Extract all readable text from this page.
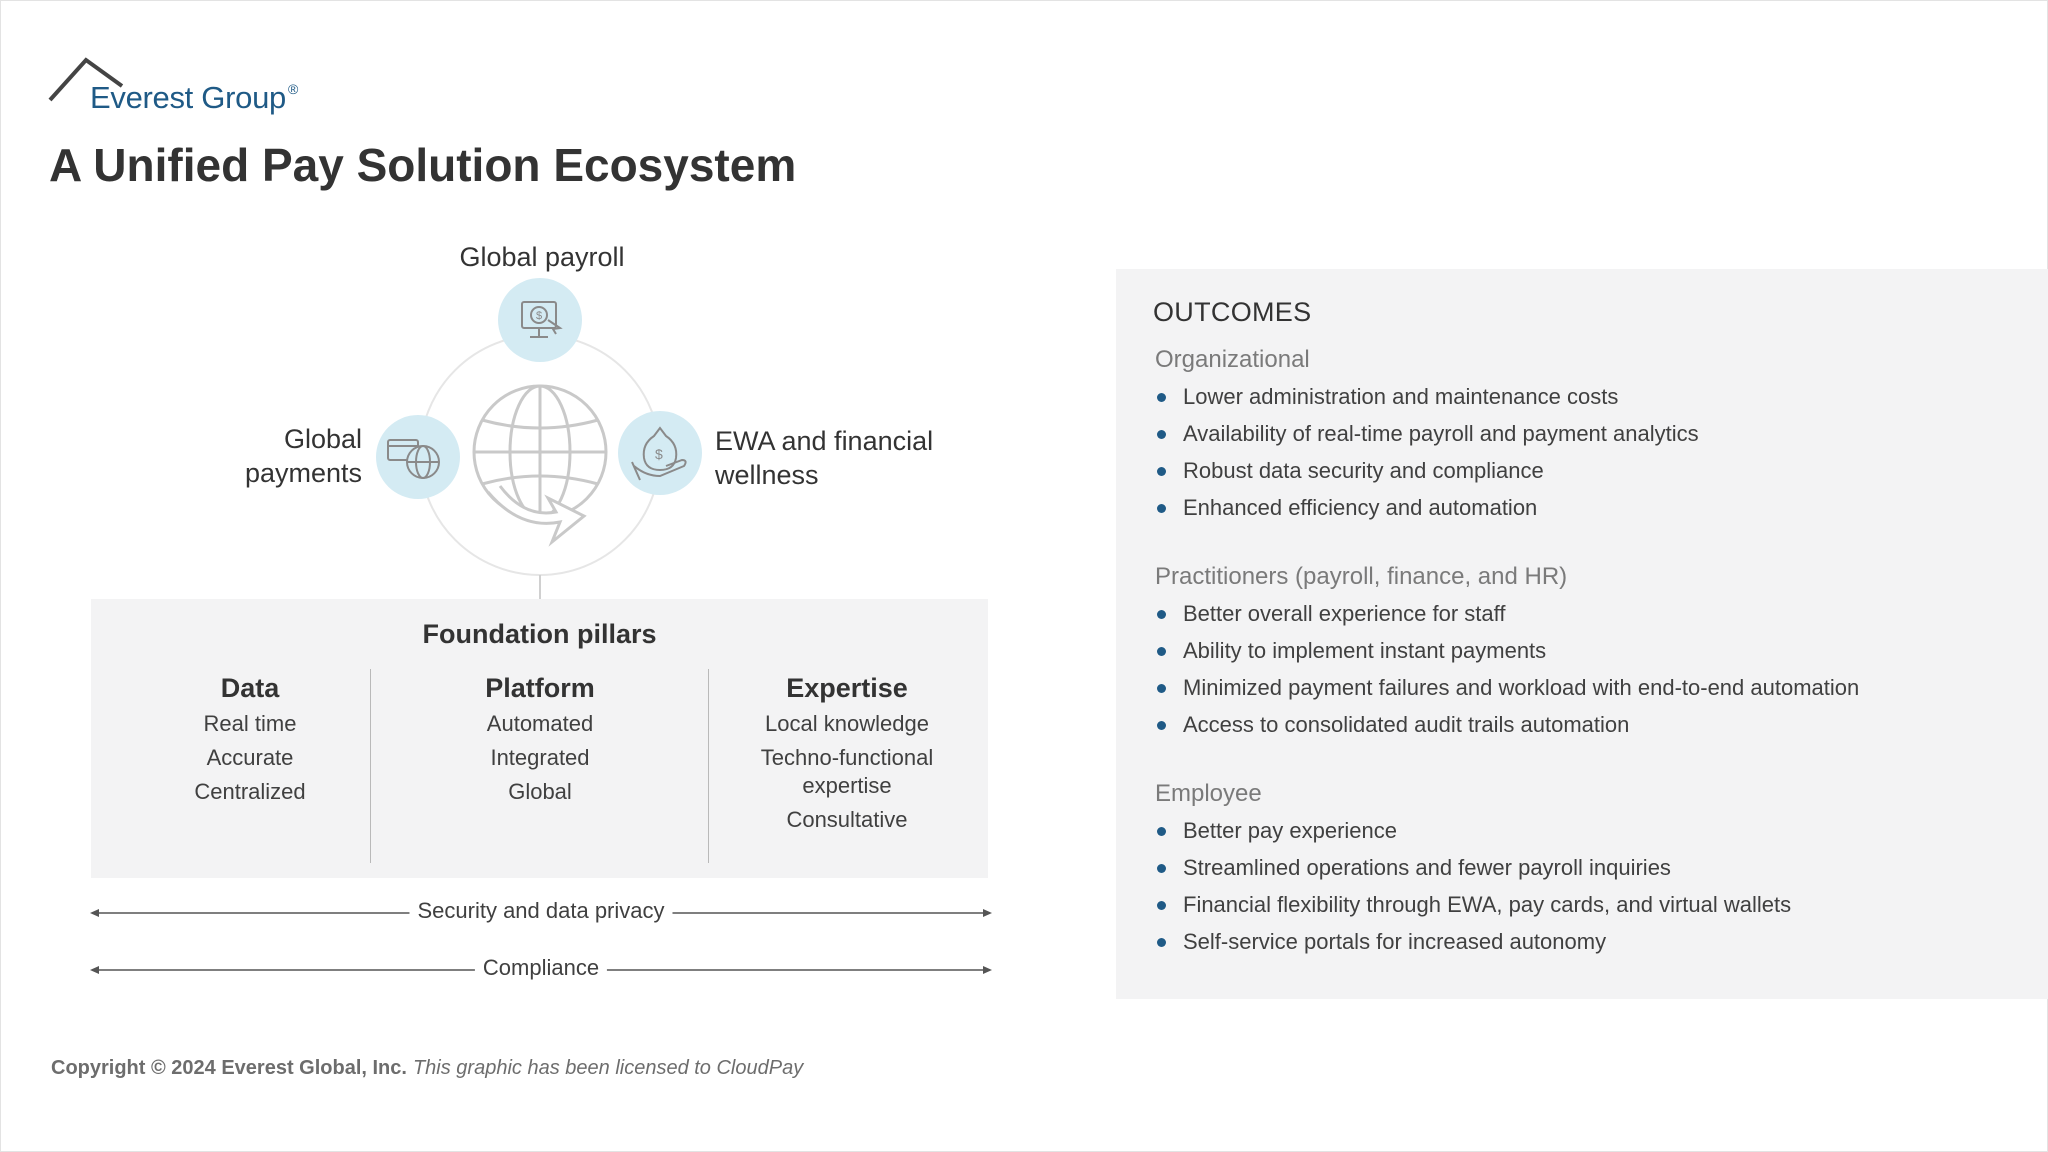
Everest Group ®
A Unified Pay Solution Ecosystem
$
$
Global payroll
Global payments
EWA and financial wellness
Foundation pillars
Data
Real time
Accurate
Centralized
Platform
Automated
Integrated
Global
Expertise
Local knowledge
Techno-functional expertise
Consultative
Security and data privacy
Compliance
OUTCOMES
Organizational
Lower administration and maintenance costs
Availability of real-time payroll and payment analytics
Robust data security and compliance
Enhanced efficiency and automation
Practitioners (payroll, finance, and HR)
Better overall experience for staff
Ability to implement instant payments
Minimized payment failures and workload with end-to-end automation
Access to consolidated audit trails automation
Employee
Better pay experience
Streamlined operations and fewer payroll inquiries
Financial flexibility through EWA, pay cards, and virtual wallets
Self-service portals for increased autonomy
Copyright © 2024 Everest Global, Inc. This graphic has been licensed to CloudPay
